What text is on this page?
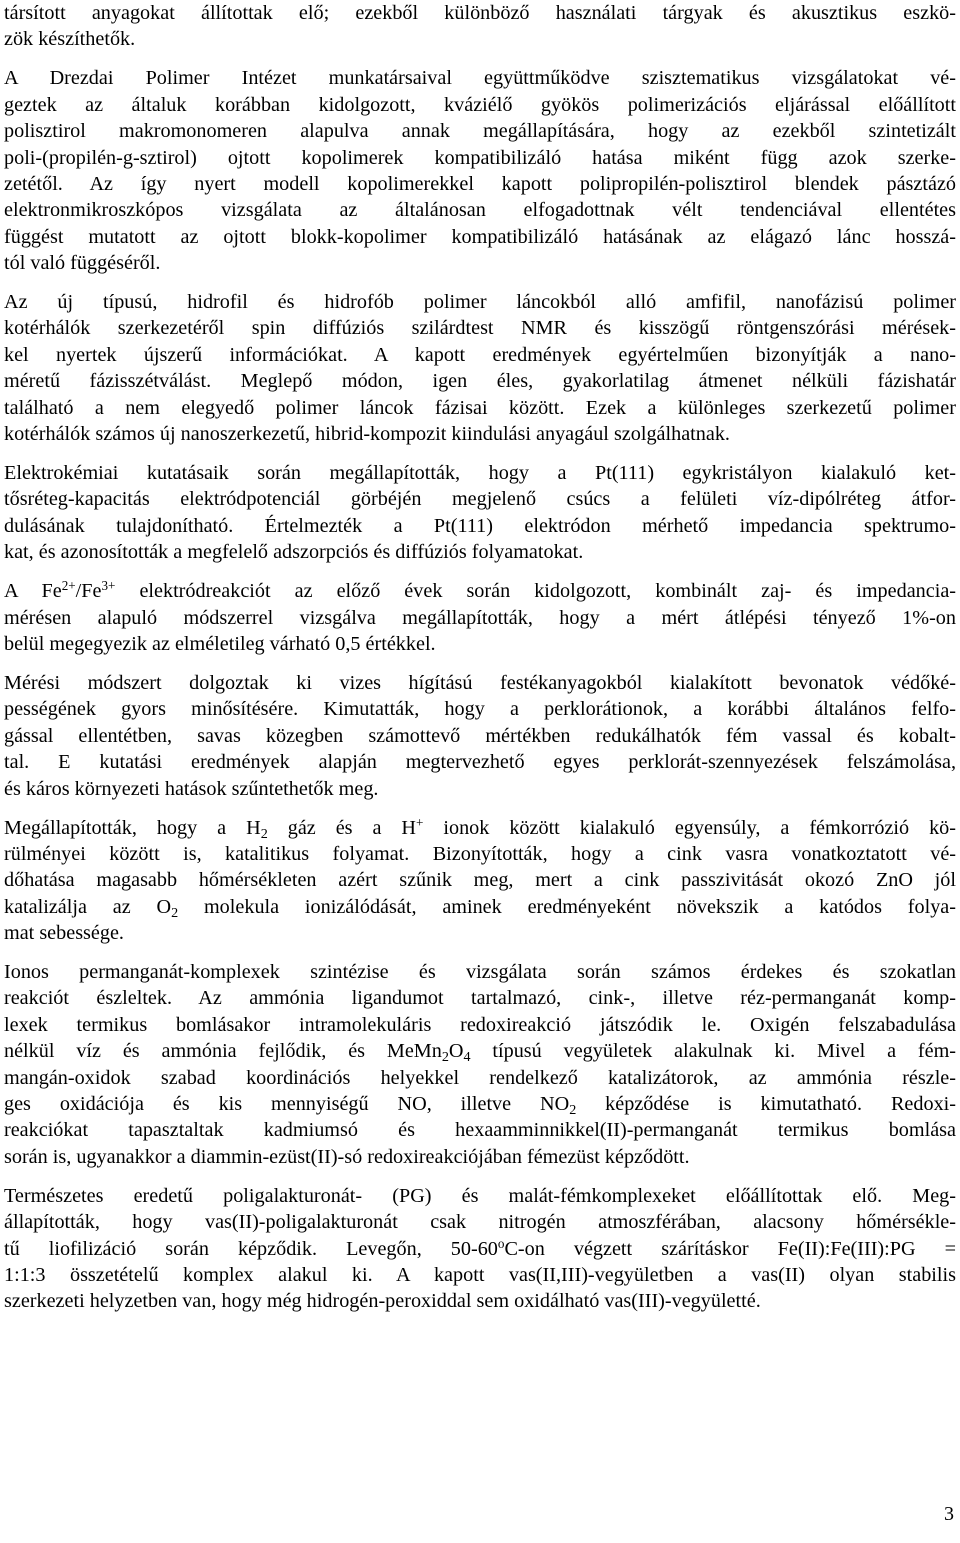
társított anyagokat állítottak elő; ezekből különböző használati tárgyak és akusztikus eszkö-
zök készíthetők.
A Drezdai Polimer Intézet munkatársaival együttműködve szisztematikus vizsgálatokat vé-
geztek az általuk korábban kidolgozott, kváziélő gyökös polimerizációs eljárással előállított
polisztirol makromonomeren alapulva annak megállapítására, hogy az ezekből szintetizált
poli-(propilén-g-sztirol) ojtott kopolimerek kompatibilizáló hatása miként függ azok szerke-
zetétől. Az így nyert modell kopolimerekkel kapott polipropilén-polisztirol blendek pásztázó
elektronmikroszkópos vizsgálata az általánosan elfogadottnak vélt tendenciával ellentétes
függést mutatott az ojtott blokk-kopolimer kompatibilizáló hatásának az elágazó lánc hosszá-
tól való függéséről.
Az új típusú, hidrofil és hidrofób polimer láncokból alló amfifil, nanofázisú polimer
kotérhálók szerkezetéről spin diffúziós szilárdtest NMR és kisszögű röntgenszórási mérések-
kel nyertek újszerű információkat. A kapott eredmények egyértelműen bizonyítják a nano-
méretű fázisszétválást. Meglepő módon, igen éles, gyakorlatilag átmenet nélküli fázishatár
található a nem elegyedő polimer láncok fázisai között. Ezek a különleges szerkezetű polimer
kotérhálók számos új nanoszerkezetű, hibrid-kompozit kiindulási anyagául szolgálhatnak.
Elektrokémiai kutatásaik során megállapították, hogy a Pt(111) egykristályon kialakuló ket-
tősréteg-kapacitás elektródpotenciál görbéjén megjelenő csúcs a felületi víz-dipólréteg átfor-
dulásának tulajdonítható. Értelmezték a Pt(111) elektródon mérhető impedancia spektrumo-
kat, és azonosították a megfelelő adszorpciós és diffúziós folyamatokat.
A $Fe^{2+}/Fe^{3+}$ elektródreakciót az előző évek során kidolgozott, kombinált zaj- és impedancia-
mérésen alapuló módszerrel vizsgálva megállapították, hogy a mért átlépési tényező 1%-on
belül megegyezik az elméletileg várható 0,5 értékkel.
Mérési módszert dolgoztak ki vizes hígítású festékanyagokból kialakított bevonatok védőké-
pességének gyors minősítésére. Kimutatták, hogy a perklorátionok, a korábbi általános felfo-
gással ellentétben, savas közegben számottevő mértékben redukálhatók fém vassal és kobalt-
tal. E kutatási eredmények alapján megtervezhető egyes perklorát-szennyezések felszámolása,
és káros környezeti hatások szűntethetők meg.
Megállapították, hogy a $H_2$ gáz és a H+ ionok között kialakuló egyensúly, a fémkorrózió kö-
rülményei között is, katalitikus folyamat. Bizonyították, hogy a cink vasra vonatkoztatott vé-
dőhatása magasabb hőmérsékleten azért szűnik meg, mert a cink passzivitását okozó ZnO jól
katalizálja az $O_2$ molekula ionizálódását, aminek eredményeként növekszik a katódos folya-
mat sebessége.
Ionos permanganát-komplexek szintézise és vizsgálata során számos érdekes és szokatlan
reakciót észleltek. Az ammónia ligandumot tartalmazó, cink-, illetve réz-permanganát komp-
lexek termikus bomlásakor intramolekuláris redoxireakció játszódik le. Oxigén felszabadulása
nélkül víz és ammónia fejlődik, és $MeMn_2O_4$ típusú vegyületek alakulnak ki. Mivel a fém-
mangán-oxidok szabad koordinációs helyekkel rendelkező katalizátorok, az ammónia részle-
ges oxidációja és kis mennyiségű NO, illetve $NO_2$ képződése is kimutatható. Redoxi-
reakciókat tapasztaltak kadmiumsó és hexaamminnikkel(II)-permanganát termikus bomlása
során is, ugyanakkor a diammin-ezüst(II)-só redoxireakciójában fémezüst képződött.
Természetes eredetű poligalakturonát- (PG) és malát-fémkomplexeket előállítottak elő. Meg-
állapították, hogy vas(II)-poligalakturonát csak nitrogén atmoszférában, alacsony hőmérsékle-
tű liofilizáció során képződik. Levegőn, 50-60$^o$C-on végzett szárításkor Fe(II):Fe(III):PG =
1:1:3 összetételű komplex alakul ki. A kapott vas(II,III)-vegyületben a vas(II) olyan stabilis
szerkezeti helyzetben van, hogy még hidrogén-peroxiddal sem oxidálható vas(III)-vegyületté.
3
